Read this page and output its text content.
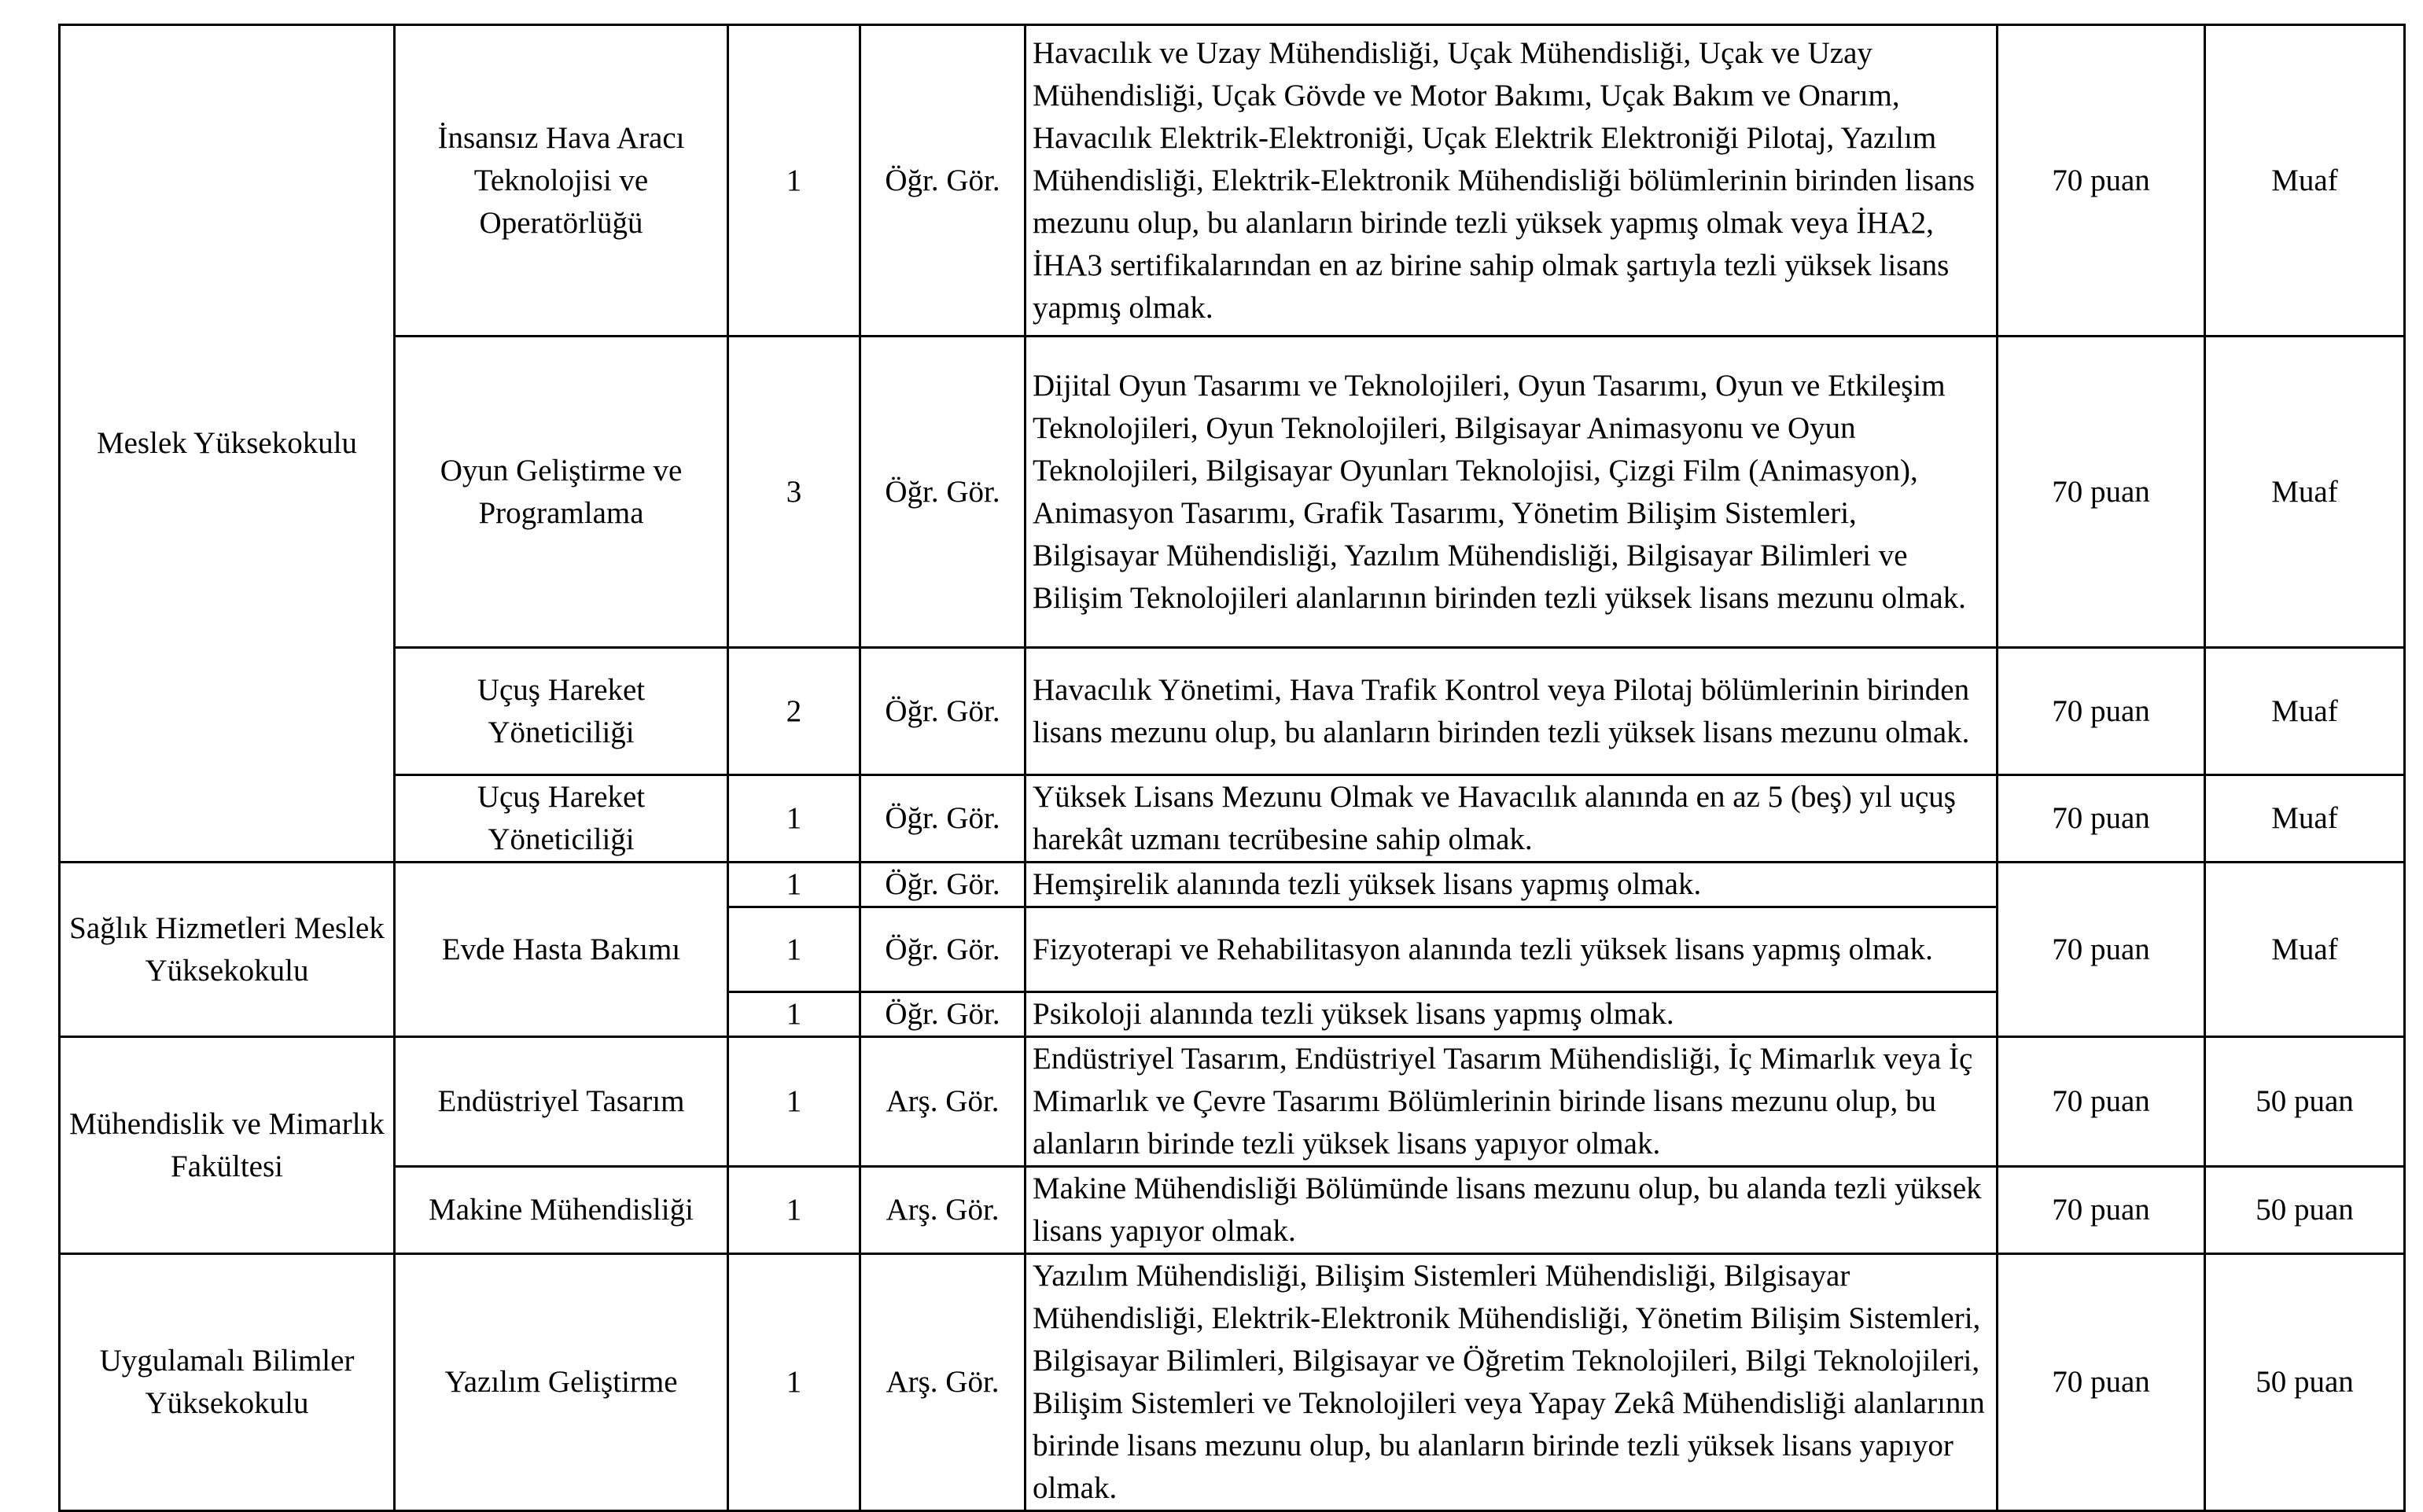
Meslek Yüksekokulu	İnsansız Hava Aracı Teknolojisi ve Operatörlüğü	1	Öğr. Gör.	Havacılık ve Uzay Mühendisliği, Uçak Mühendisliği, Uçak ve Uzay Mühendisliği, Uçak Gövde ve Motor Bakımı, Uçak Bakım ve Onarım, Havacılık Elektrik-Elektroniği, Uçak Elektrik Elektroniği Pilotaj, Yazılım Mühendisliği, Elektrik-Elektronik Mühendisliği bölümlerinin birinden lisans mezunu olup, bu alanların birinde tezli yüksek yapmış olmak veya İHA2, İHA3 sertifikalarından en az birine sahip olmak şartıyla tezli yüksek lisans yapmış olmak.	70 puan	Muaf
	Oyun Geliştirme ve Programlama	3	Öğr. Gör.	Dijital Oyun Tasarımı ve Teknolojileri, Oyun Tasarımı, Oyun ve Etkileşim Teknolojileri, Oyun Teknolojileri, Bilgisayar Animasyonu ve Oyun Teknolojileri, Bilgisayar Oyunları Teknolojisi, Çizgi Film (Animasyon), Animasyon Tasarımı, Grafik Tasarımı, Yönetim Bilişim Sistemleri, Bilgisayar Mühendisliği, Yazılım Mühendisliği, Bilgisayar Bilimleri ve Bilişim Teknolojileri alanlarının birinden tezli yüksek lisans mezunu olmak.	70 puan	Muaf
	Uçuş Hareket Yöneticiliği	2	Öğr. Gör.	Havacılık Yönetimi, Hava Trafik Kontrol veya Pilotaj bölümlerinin birinden lisans mezunu olup, bu alanların birinden tezli yüksek lisans mezunu olmak.	70 puan	Muaf
	Uçuş Hareket Yöneticiliği	1	Öğr. Gör.	Yüksek Lisans Mezunu Olmak ve Havacılık alanında en az 5 (beş) yıl uçuş harekât uzmanı tecrübesine sahip olmak.	70 puan	Muaf
Sağlık Hizmetleri Meslek Yüksekokulu	Evde Hasta Bakımı	1	Öğr. Gör.	Hemşirelik alanında tezli yüksek lisans yapmış olmak.	70 puan	Muaf
		1	Öğr. Gör.	Fizyoterapi ve Rehabilitasyon alanında tezli yüksek lisans yapmış olmak.		
		1	Öğr. Gör.	Psikoloji alanında tezli yüksek lisans yapmış olmak.		
Mühendislik ve Mimarlık Fakültesi	Endüstriyel Tasarım	1	Arş. Gör.	Endüstriyel Tasarım, Endüstriyel Tasarım Mühendisliği, İç Mimarlık veya İç Mimarlık ve Çevre Tasarımı Bölümlerinin birinde lisans mezunu olup, bu alanların birinde tezli yüksek lisans yapıyor olmak.	70 puan	50 puan
	Makine Mühendisliği	1	Arş. Gör.	Makine Mühendisliği Bölümünde lisans mezunu olup, bu alanda tezli yüksek lisans yapıyor olmak.	70 puan	50 puan
Uygulamalı Bilimler Yüksekokulu	Yazılım Geliştirme	1	Arş. Gör.	Yazılım Mühendisliği, Bilişim Sistemleri Mühendisliği, Bilgisayar Mühendisliği, Elektrik-Elektronik Mühendisliği, Yönetim Bilişim Sistemleri, Bilgisayar Bilimleri, Bilgisayar ve Öğretim Teknolojileri, Bilgi Teknolojileri, Bilişim Sistemleri ve Teknolojileri veya Yapay Zekâ Mühendisliği alanlarının birinde lisans mezunu olup, bu alanların birinde tezli yüksek lisans yapıyor olmak.	70 puan	50 puan
